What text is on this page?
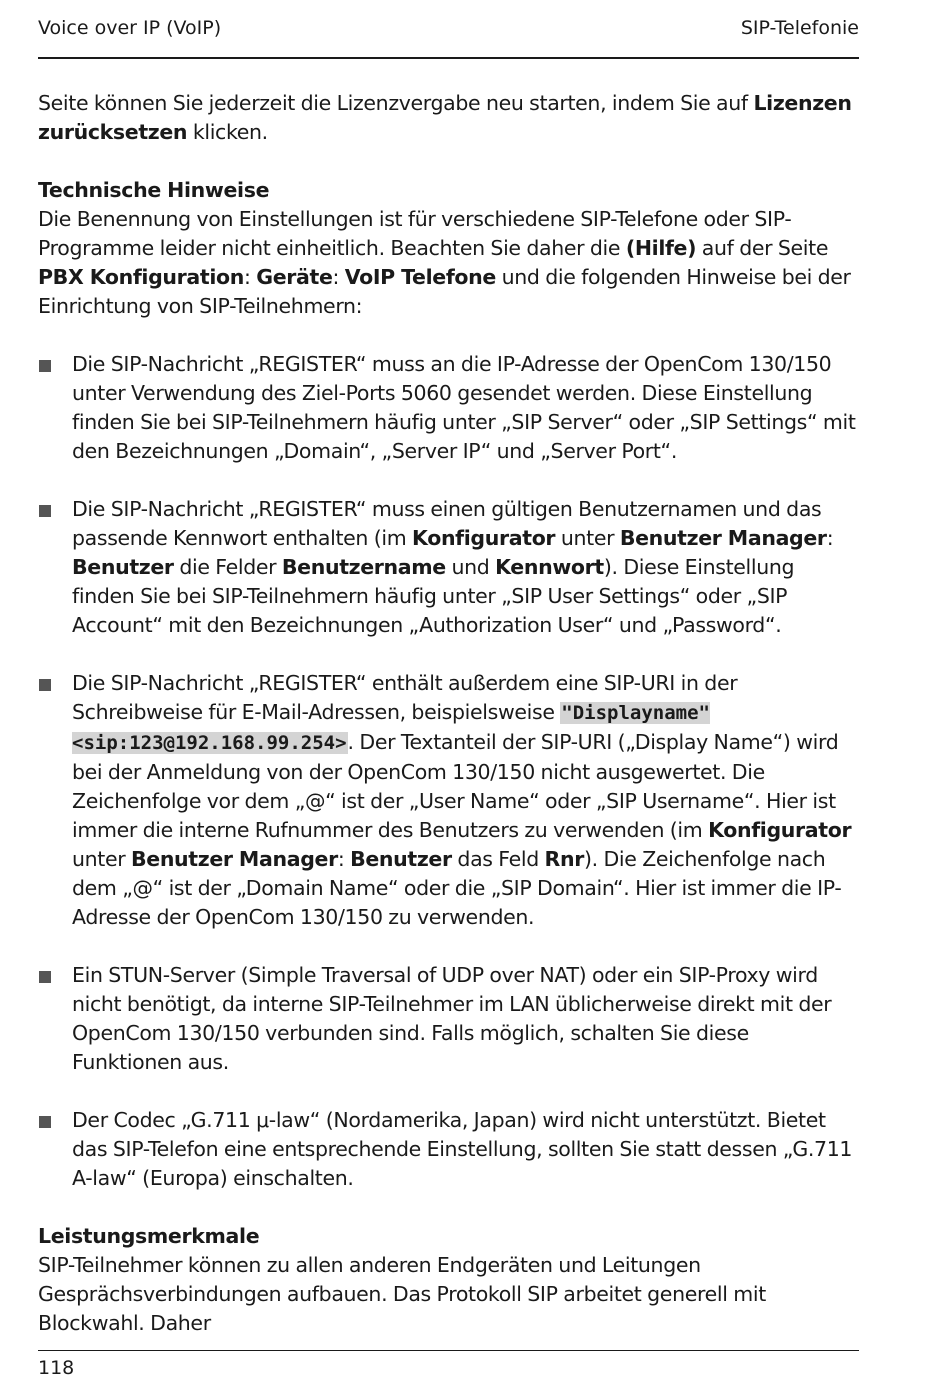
Voice over IP (VoIP)	SIP-Telefonie

Seite können Sie jederzeit die Lizenzvergabe neu starten, indem Sie auf Lizenzen zurücksetzen klicken.

Technische Hinweise

Die Benennung von Einstellungen ist für verschiedene SIP-Telefone oder SIP-Programme leider nicht einheitlich. Beachten Sie daher die (Hilfe) auf der Seite PBX Konfiguration: Geräte: VoIP Telefone und die folgenden Hinweise bei der Einrichtung von SIP-Teilnehmern:

Die SIP-Nachricht „REGISTER“ muss an die IP-Adresse der OpenCom 130/150 unter Verwendung des Ziel-Ports 5060 gesendet werden. Diese Einstellung finden Sie bei SIP-Teilnehmern häufig unter „SIP Server“ oder „SIP Settings“ mit den Bezeichnungen „Domain“, „Server IP“ und „Server Port“.
Die SIP-Nachricht „REGISTER“ muss einen gültigen Benutzernamen und das passende Kennwort enthalten (im Konfigurator unter Benutzer Manager: Benutzer die Felder Benutzername und Kennwort). Diese Einstellung finden Sie bei SIP-Teilnehmern häufig unter „SIP User Settings“ oder „SIP Account“ mit den Bezeichnungen „Authorization User“ und „Password“.
Die SIP-Nachricht „REGISTER“ enthält außerdem eine SIP-URI in der Schreibweise für E-Mail-Adressen, beispielsweise "Displayname" <sip:123@192.168.99.254>. Der Textanteil der SIP-URI („Display Name“) wird bei der Anmeldung von der OpenCom 130/150 nicht ausgewertet. Die Zeichenfolge vor dem „@“ ist der „User Name“ oder „SIP Username“. Hier ist immer die interne Rufnummer des Benutzers zu verwenden (im Konfigurator unter Benutzer Manager: Benutzer das Feld Rnr). Die Zeichenfolge nach dem „@“ ist der „Domain Name“ oder die „SIP Domain“. Hier ist immer die IP-Adresse der OpenCom 130/150 zu verwenden.
Ein STUN-Server (Simple Traversal of UDP over NAT) oder ein SIP-Proxy wird nicht benötigt, da interne SIP-Teilnehmer im LAN üblicherweise direkt mit der OpenCom 130/150 verbunden sind. Falls möglich, schalten Sie diese Funktionen aus.
Der Codec „G.711 μ-law“ (Nordamerika, Japan) wird nicht unterstützt. Bietet das SIP-Telefon eine entsprechende Einstellung, sollten Sie statt dessen „G.711 A-law“ (Europa) einschalten.

Leistungsmerkmale

SIP-Teilnehmer können zu allen anderen Endgeräten und Leitungen Gesprächsverbindungen aufbauen. Das Protokoll SIP arbeitet generell mit Blockwahl. Daher

118
